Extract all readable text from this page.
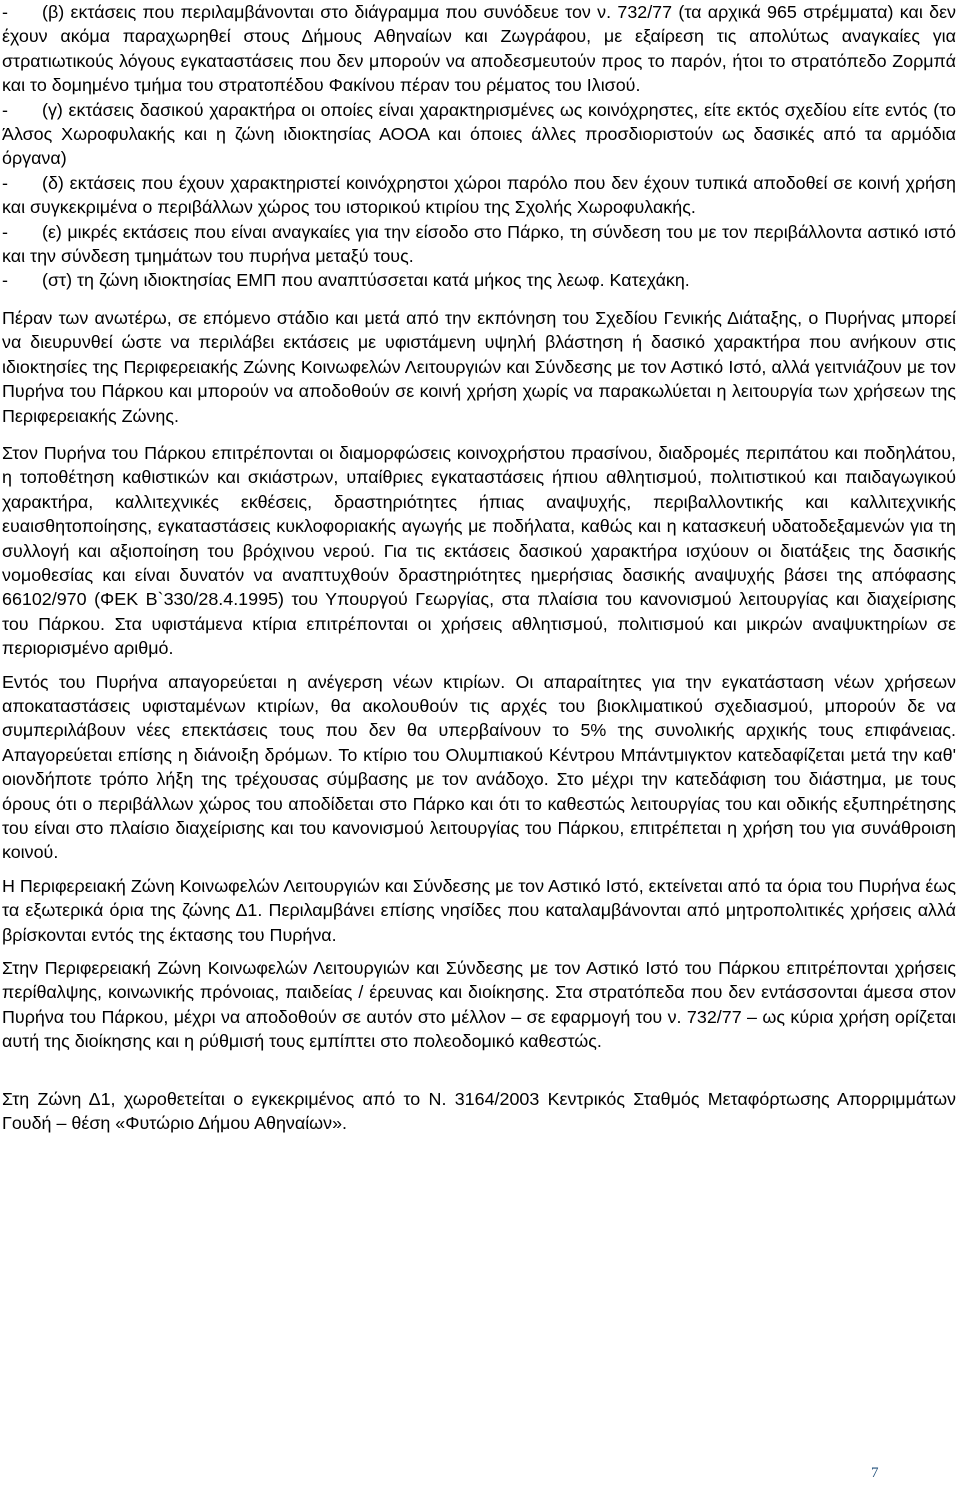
- (β) εκτάσεις που περιλαμβάνονται στο διάγραμμα που συνόδευε τον ν. 732/77 (τα αρχικά 965 στρέμματα) και δεν έχουν ακόμα παραχωρηθεί στους Δήμους Αθηναίων και Ζωγράφου, με εξαίρεση τις απολύτως αναγκαίες για στρατιωτικούς λόγους εγκαταστάσεις που δεν μπορούν να αποδεσμευτούν προς το παρόν, ήτοι το στρατόπεδο Ζορμπά και το δομημένο τμήμα του στρατοπέδου Φακίνου πέραν του ρέματος του Ιλισού.

- (γ) εκτάσεις δασικού χαρακτήρα οι οποίες είναι χαρακτηρισμένες ως κοινόχρηστες, είτε εκτός σχεδίου είτε εντός (το Άλσος Χωροφυλακής και η ζώνη ιδιοκτησίας ΑΟΟΑ και όποιες άλλες προσδιοριστούν ως δασικές από τα αρμόδια όργανα)

- (δ) εκτάσεις που έχουν χαρακτηριστεί κοινόχρηστοι χώροι παρόλο που δεν έχουν τυπικά αποδοθεί σε κοινή χρήση και συγκεκριμένα ο περιβάλλων χώρος του ιστορικού κτιρίου της Σχολής Χωροφυλακής.

- (ε) μικρές εκτάσεις που είναι αναγκαίες για την είσοδο στο Πάρκο, τη σύνδεση του με τον περιβάλλοντα αστικό ιστό και την σύνδεση τμημάτων του πυρήνα μεταξύ τους.

- (στ) τη ζώνη ιδιοκτησίας ΕΜΠ που αναπτύσσεται κατά μήκος της λεωφ. Κατεχάκη.

Πέραν των ανωτέρω, σε επόμενο στάδιο και μετά από την εκπόνηση του Σχεδίου Γενικής Διάταξης, ο Πυρήνας μπορεί να διευρυνθεί ώστε να περιλάβει εκτάσεις με υφιστάμενη υψηλή βλάστηση ή δασικό χαρακτήρα που ανήκουν στις ιδιοκτησίες της Περιφερειακής Ζώνης Κοινωφελών Λειτουργιών και Σύνδεσης με τον Αστικό Ιστό, αλλά γειτνιάζουν με τον Πυρήνα του Πάρκου και μπορούν να αποδοθούν σε κοινή χρήση χωρίς να παρακωλύεται η λειτουργία των χρήσεων της Περιφερειακής Ζώνης.

Στον Πυρήνα του Πάρκου επιτρέπονται οι διαμορφώσεις κοινοχρήστου πρασίνου, διαδρομές περιπάτου και ποδηλάτου, η τοποθέτηση καθιστικών και σκιάστρων, υπαίθριες εγκαταστάσεις ήπιου αθλητισμού, πολιτιστικού και παιδαγωγικού χαρακτήρα, καλλιτεχνικές εκθέσεις, δραστηριότητες ήπιας αναψυχής, περιβαλλοντικής και καλλιτεχνικής ευαισθητοποίησης, εγκαταστάσεις κυκλοφοριακής αγωγής με ποδήλατα, καθώς και η κατασκευή υδατοδεξαμενών για τη συλλογή και αξιοποίηση του βρόχινου νερού. Για τις εκτάσεις δασικού χαρακτήρα ισχύουν οι διατάξεις της δασικής νομοθεσίας και είναι δυνατόν να αναπτυχθούν δραστηριότητες ημερήσιας δασικής αναψυχής βάσει της απόφασης 66102/970 (ΦΕΚ Β`330/28.4.1995) του Υπουργού Γεωργίας, στα πλαίσια του κανονισμού λειτουργίας και διαχείρισης του Πάρκου. Στα υφιστάμενα κτίρια επιτρέπονται οι χρήσεις αθλητισμού, πολιτισμού και μικρών αναψυκτηρίων σε περιορισμένο αριθμό.

Εντός του Πυρήνα απαγορεύεται η ανέγερση νέων κτιρίων. Οι απαραίτητες για την εγκατάσταση νέων χρήσεων αποκαταστάσεις υφισταμένων κτιρίων, θα ακολουθούν τις αρχές του βιοκλιματικού σχεδιασμού, μπορούν δε να συμπεριλάβουν νέες επεκτάσεις τους που δεν θα υπερβαίνουν το 5% της συνολικής αρχικής τους επιφάνειας. Απαγορεύεται επίσης η διάνοιξη δρόμων. Το κτίριο του Ολυμπιακού Κέντρου Μπάντμιγκτον κατεδαφίζεται μετά την καθ' οιονδήποτε τρόπο λήξη της τρέχουσας σύμβασης με τον ανάδοχο. Στο μέχρι την κατεδάφιση του διάστημα, με τους όρους ότι ο περιβάλλων χώρος του αποδίδεται στο Πάρκο και ότι το καθεστώς λειτουργίας του και οδικής εξυπηρέτησης του είναι στο πλαίσιο διαχείρισης και του κανονισμού λειτουργίας του Πάρκου, επιτρέπεται η χρήση του για συνάθροιση κοινού.

Η Περιφερειακή Ζώνη Κοινωφελών Λειτουργιών και Σύνδεσης με τον Αστικό Ιστό, εκτείνεται από τα όρια του Πυρήνα έως τα εξωτερικά όρια της ζώνης Δ1. Περιλαμβάνει επίσης νησίδες που καταλαμβάνονται από μητροπολιτικές χρήσεις αλλά βρίσκονται εντός της έκτασης του Πυρήνα.

Στην Περιφερειακή Ζώνη Κοινωφελών Λειτουργιών και Σύνδεσης με τον Αστικό Ιστό του Πάρκου επιτρέπονται χρήσεις περίθαλψης, κοινωνικής πρόνοιας, παιδείας / έρευνας και διοίκησης. Στα στρατόπεδα που δεν εντάσσονται άμεσα στον Πυρήνα του Πάρκου, μέχρι να αποδοθούν σε αυτόν στο μέλλον – σε εφαρμογή του ν. 732/77 – ως κύρια χρήση ορίζεται αυτή της διοίκησης και η ρύθμισή τους εμπίπτει στο πολεοδομικό καθεστώς.

Στη Ζώνη Δ1, χωροθετείται ο εγκεκριμένος από το Ν. 3164/2003 Κεντρικός Σταθμός Μεταφόρτωσης Απορριμμάτων Γουδή – θέση «Φυτώριο Δήμου Αθηναίων».

7
